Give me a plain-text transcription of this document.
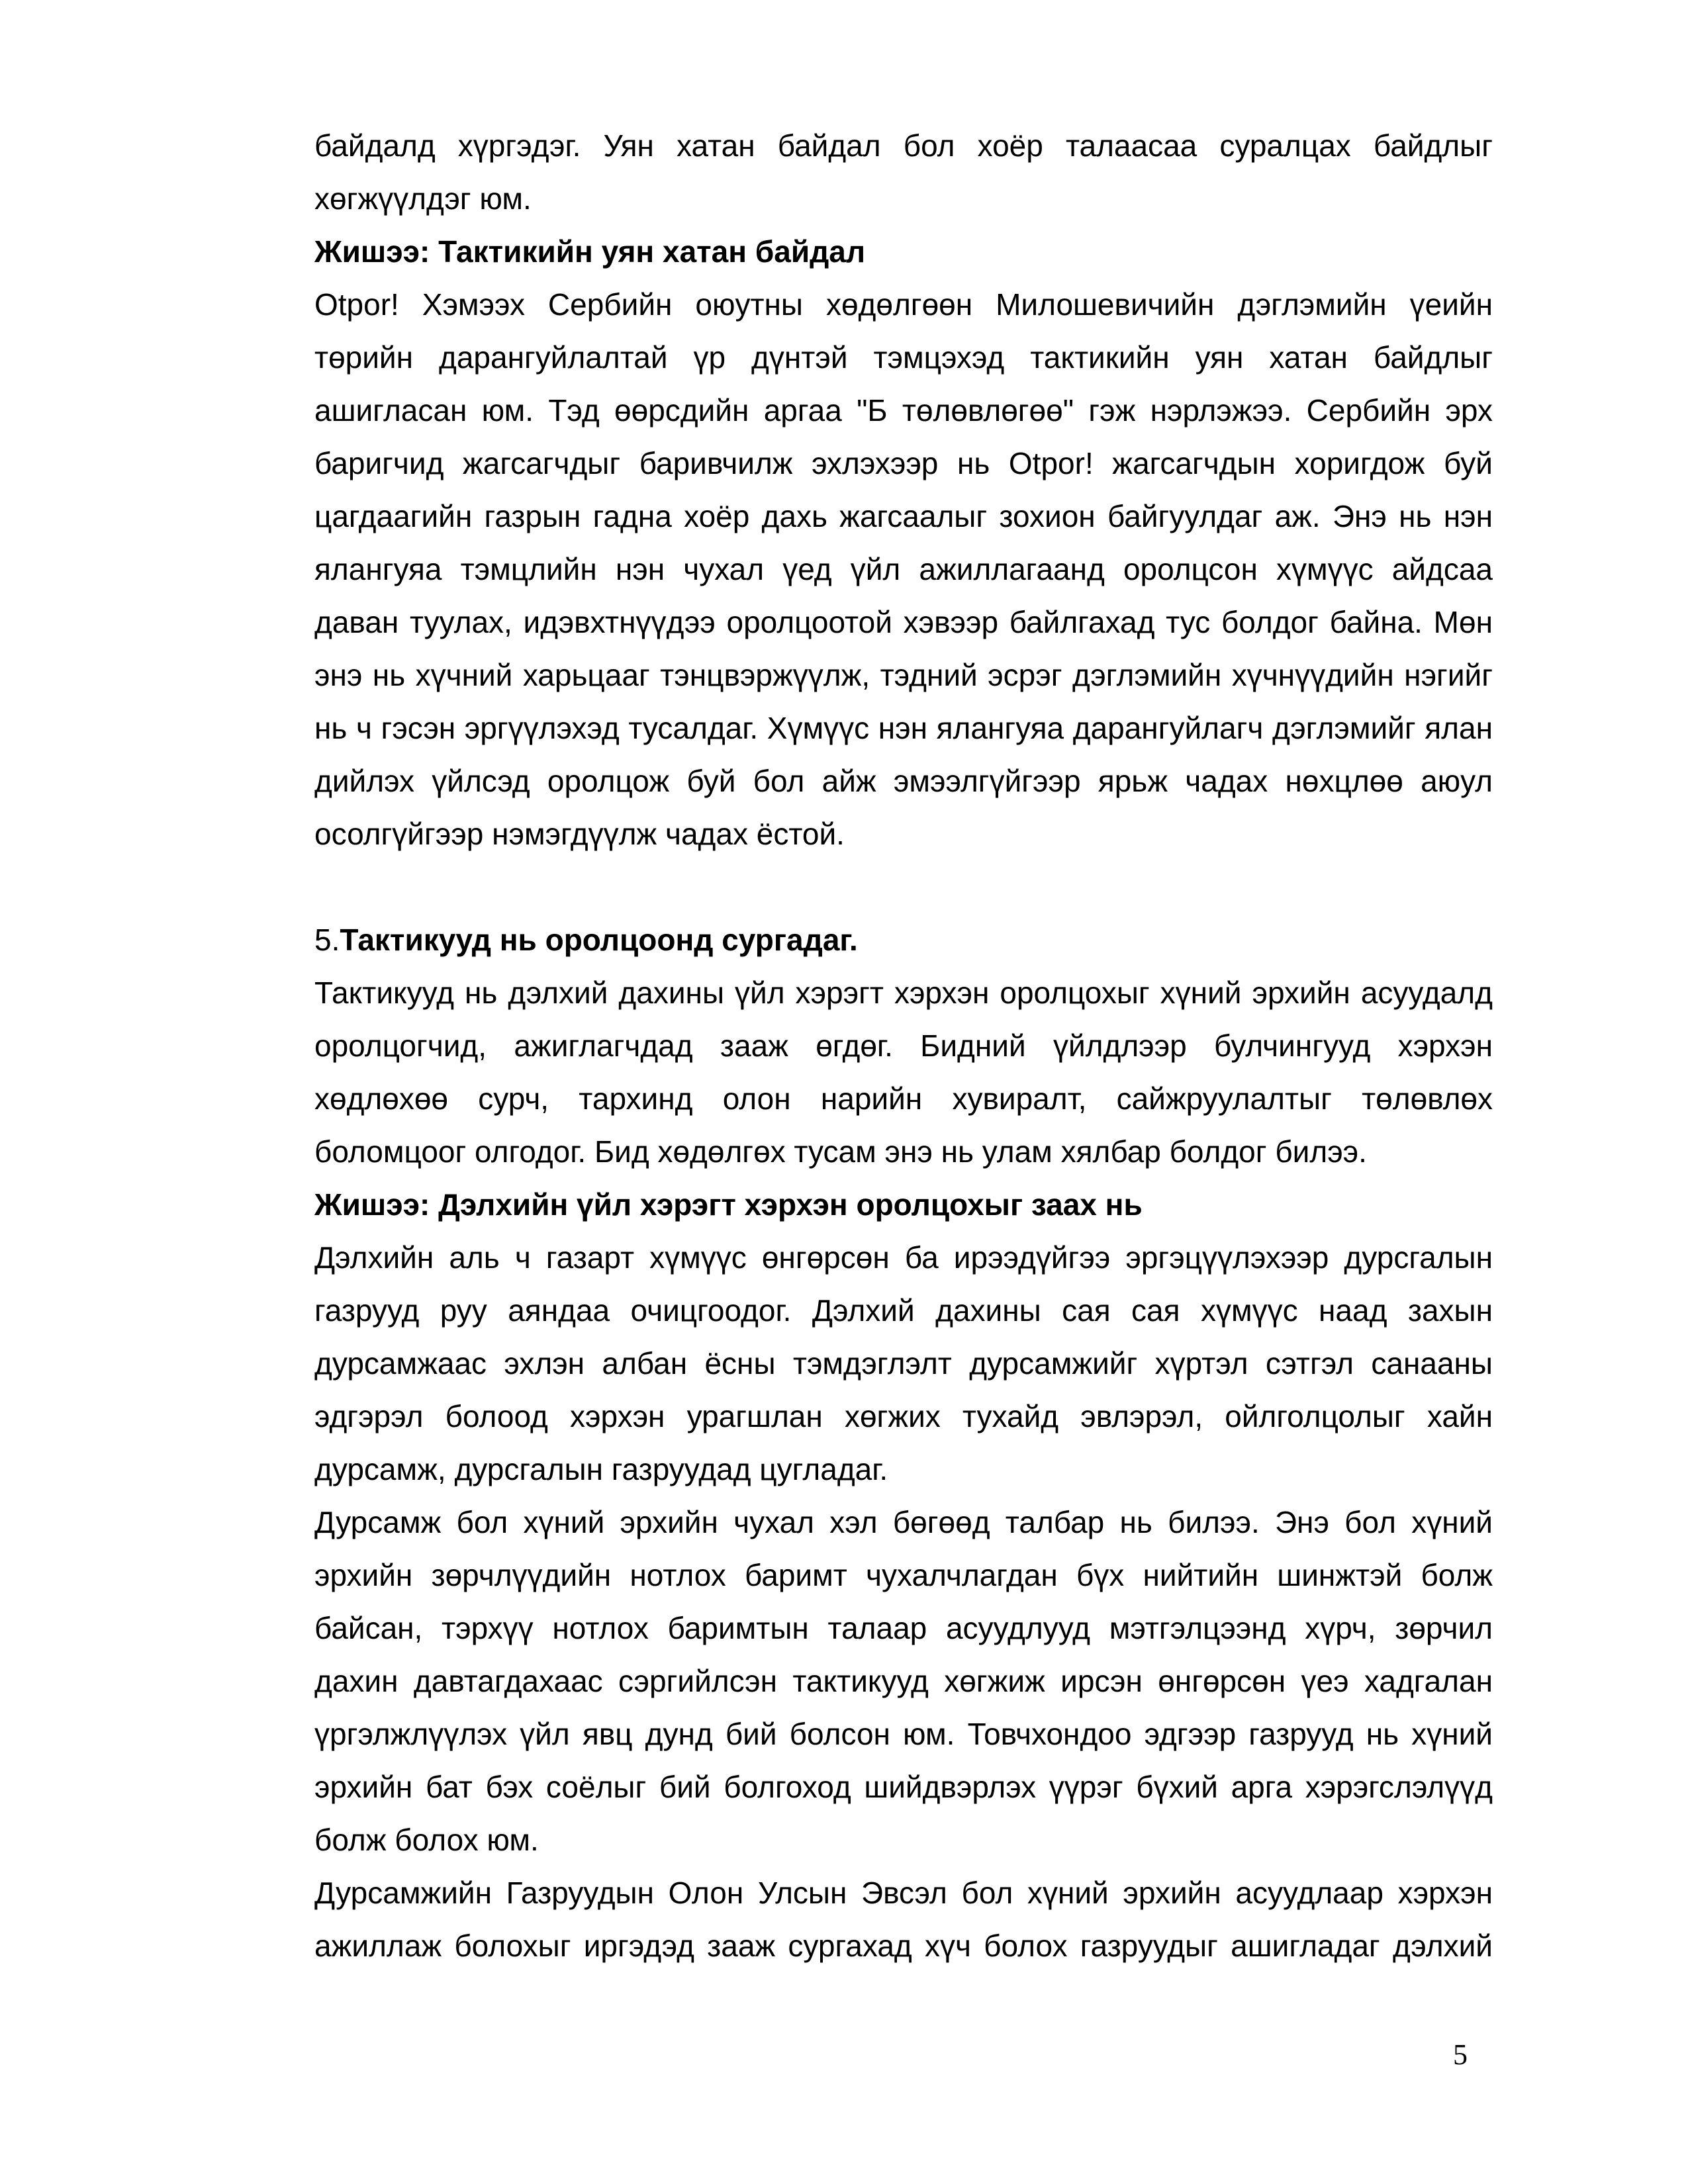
байдалд хүргэдэг. Уян хатан байдал бол хоёр талаасаа суралцах байдлыг хөгжүүлдэг юм.

Жишээ: Тактикийн уян хатан байдал

Otpor! Хэмээх Сербийн оюутны хөдөлгөөн Милошевичийн дэглэмийн үеийн төрийн дарангуйлалтай үр дүнтэй тэмцэхэд тактикийн уян хатан байдлыг ашигласан юм. Тэд өөрсдийн аргаа "Б төлөвлөгөө" гэж нэрлэжээ. Сербийн эрх баригчид жагсагчдыг баривчилж эхлэхээр нь Otpor! жагсагчдын хоригдож буй цагдаагийн газрын гадна хоёр дахь жагсаалыг зохион байгуулдаг аж. Энэ нь нэн ялангуяа тэмцлийн нэн чухал үед үйл ажиллагаанд оролцсон хүмүүс айдсаа даван туулах, идэвхтнүүдээ оролцоотой хэвээр байлгахад тус болдог байна. Мөн энэ нь хүчний харьцааг тэнцвэржүүлж, тэдний эсрэг дэглэмийн хүчнүүдийн нэгийг нь ч гэсэн эргүүлэхэд тусалдаг. Хүмүүс нэн ялангуяа дарангуйлагч дэглэмийг ялан дийлэх үйлсэд оролцож буй бол айж эмээлгүйгээр ярьж чадах нөхцлөө аюул осолгүйгээр нэмэгдүүлж чадах ёстой.

5.Тактикууд нь оролцоонд сургадаг.

Тактикууд нь дэлхий дахины үйл хэрэгт хэрхэн оролцохыг хүний эрхийн асуудалд оролцогчид, ажиглагчдад зааж өгдөг. Бидний үйлдлээр булчингууд хэрхэн хөдлөхөө сурч, тархинд олон нарийн хувиралт, сайжруулалтыг төлөвлөх боломцоог олгодог. Бид хөдөлгөх тусам энэ нь улам хялбар болдог билээ.

Жишээ: Дэлхийн үйл хэрэгт хэрхэн оролцохыг заах нь

Дэлхийн аль ч газарт хүмүүс өнгөрсөн ба ирээдүйгээ эргэцүүлэхээр дурсгалын газрууд руу аяндаа очицгоодог. Дэлхий дахины сая сая хүмүүс наад захын дурсамжаас эхлэн албан ёсны тэмдэглэлт дурсамжийг хүртэл сэтгэл санааны эдгэрэл болоод хэрхэн урагшлан хөгжих тухайд эвлэрэл, ойлголцолыг хайн дурсамж, дурсгалын газруудад цугладаг.

Дурсамж бол хүний эрхийн чухал хэл бөгөөд талбар нь билээ. Энэ бол хүний эрхийн зөрчлүүдийн нотлох баримт чухалчлагдан бүх нийтийн шинжтэй болж байсан, тэрхүү нотлох баримтын талаар асуудлууд мэтгэлцээнд хүрч, зөрчил дахин давтагдахаас сэргийлсэн тактикууд хөгжиж ирсэн өнгөрсөн үеэ хадгалан үргэлжлүүлэх үйл явц дунд бий болсон юм. Товчхондоо эдгээр газрууд нь хүний эрхийн бат бэх соёлыг бий болгоход шийдвэрлэх үүрэг бүхий арга хэрэгслэлүүд болж болох юм.

Дурсамжийн Газруудын Олон Улсын Эвсэл бол хүний эрхийн асуудлаар хэрхэн ажиллаж болохыг иргэдэд зааж сургахад хүч болох газруудыг ашигладаг дэлхий

5
